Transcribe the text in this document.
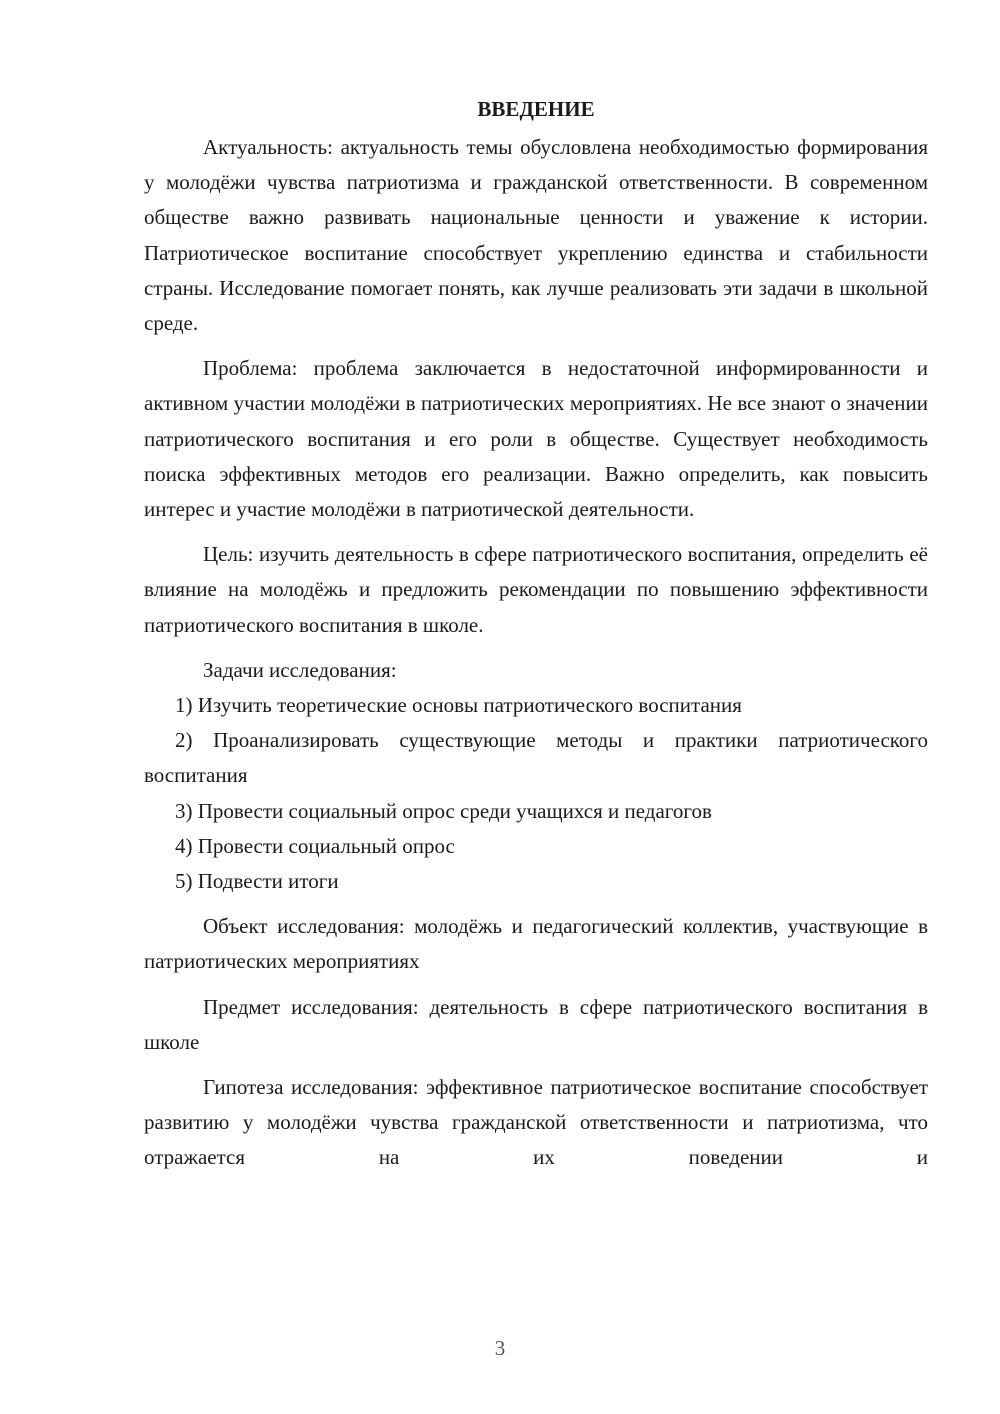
ВВЕДЕНИЕ

Актуальность: актуальность темы обусловлена необходимостью формирования у молодёжи чувства патриотизма и гражданской ответственности. В современном обществе важно развивать национальные ценности и уважение к истории. Патриотическое воспитание способствует укреплению единства и стабильности страны. Исследование помогает понять, как лучше реализовать эти задачи в школьной среде.

Проблема: проблема заключается в недостаточной информированности и активном участии молодёжи в патриотических мероприятиях. Не все знают о значении патриотического воспитания и его роли в обществе. Существует необходимость поиска эффективных методов его реализации. Важно определить, как повысить интерес и участие молодёжи в патриотической деятельности.

Цель: изучить деятельность в сфере патриотического воспитания, определить её влияние на молодёжь и предложить рекомендации по повышению эффективности патриотического воспитания в школе.

Задачи исследования:

1) Изучить теоретические основы патриотического воспитания

2) Проанализировать существующие методы и практики патриотического воспитания

3) Провести социальный опрос среди учащихся и педагогов

4) Провести социальный опрос

5) Подвести итоги

Объект исследования: молодёжь и педагогический коллектив, участвующие в патриотических мероприятиях

Предмет исследования: деятельность в сфере патриотического воспитания в школе

Гипотеза исследования: эффективное патриотическое воспитание способствует развитию у молодёжи чувства гражданской ответственности и патриотизма, что отражается на их поведении и

3
